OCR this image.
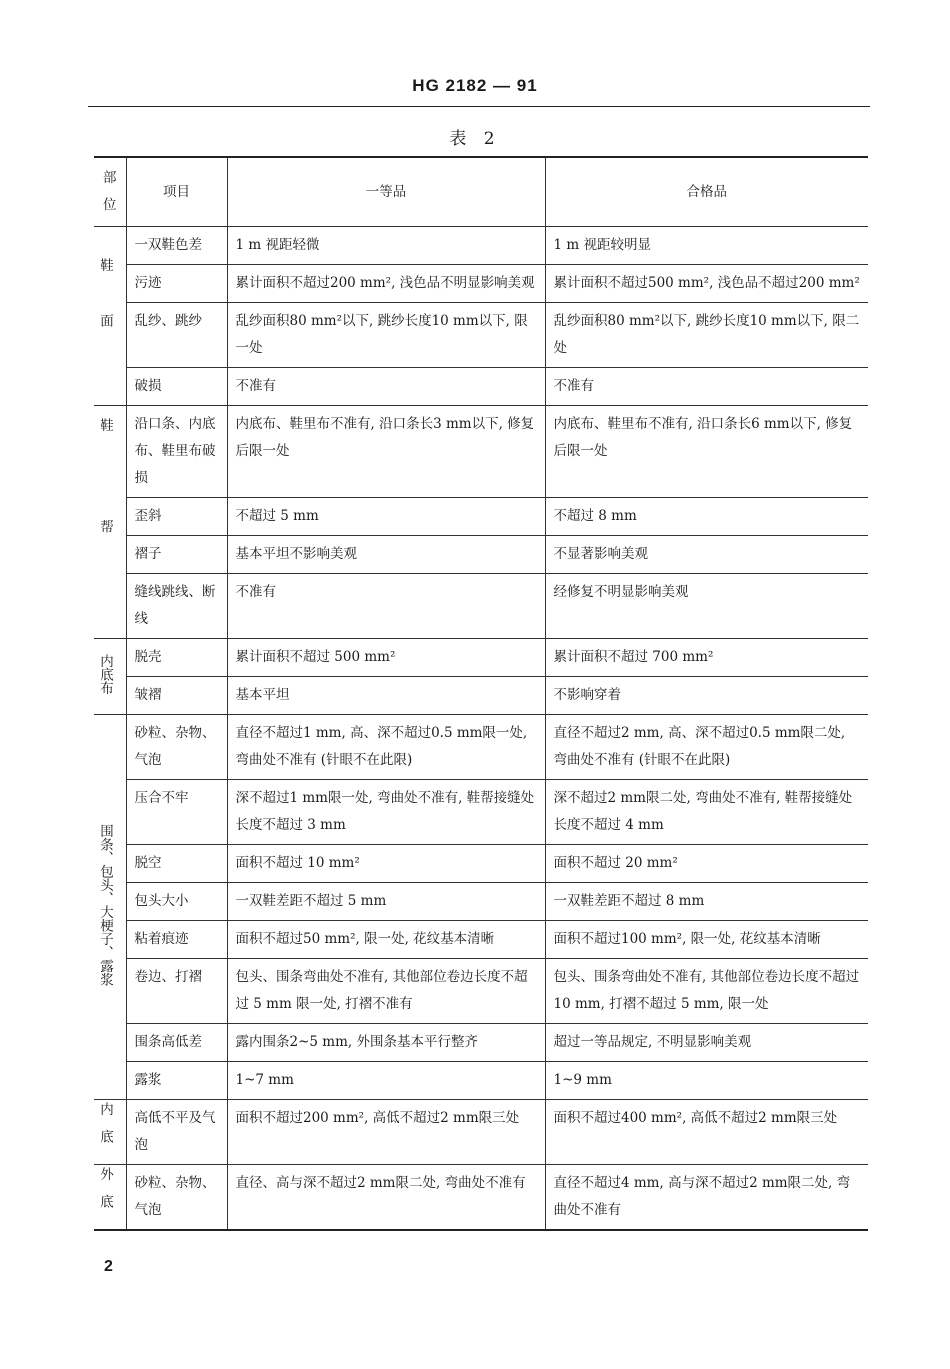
HG 2182 — 91
表 2
部位	项目	一等品	合格品
鞋面	一双鞋色差	1 m 视距轻微	1 m 视距较明显
	污迹	累计面积不超过200 mm², 浅色品不明显影响美观	累计面积不超过500 mm², 浅色品不超过200 mm²
	乱纱、跳纱	乱纱面积80 mm²以下, 跳纱长度10 mm以下, 限一处	乱纱面积80 mm²以下, 跳纱长度10 mm以下, 限二处
	破损	不准有	不准有
鞋帮	沿口条、内底布、鞋里布破损	内底布、鞋里布不准有, 沿口条长3 mm以下, 修复后限一处	内底布、鞋里布不准有, 沿口条长6 mm以下, 修复后限一处
	歪斜	不超过 5 mm	不超过 8 mm
	褶子	基本平坦不影响美观	不显著影响美观
	缝线跳线、断线	不准有	经修复不明显影响美观
内底布	脱壳	累计面积不超过 500 mm²	累计面积不超过 700 mm²
	皱褶	基本平坦	不影响穿着
围条、包头、大梗子、露浆	砂粒、杂物、气泡	直径不超过1 mm, 高、深不超过0.5 mm限一处, 弯曲处不准有 (针眼不在此限)	直径不超过2 mm, 高、深不超过0.5 mm限二处, 弯曲处不准有 (针眼不在此限)
	压合不牢	深不超过1 mm限一处, 弯曲处不准有, 鞋帮接缝处长度不超过 3 mm	深不超过2 mm限二处, 弯曲处不准有, 鞋帮接缝处长度不超过 4 mm
	脱空	面积不超过 10 mm²	面积不超过 20 mm²
	包头大小	一双鞋差距不超过 5 mm	一双鞋差距不超过 8 mm
	粘着痕迹	面积不超过50 mm², 限一处, 花纹基本清晰	面积不超过100 mm², 限一处, 花纹基本清晰
	卷边、打褶	包头、围条弯曲处不准有, 其他部位卷边长度不超过 5 mm 限一处, 打褶不准有	包头、围条弯曲处不准有, 其他部位卷边长度不超过 10 mm, 打褶不超过 5 mm, 限一处
	围条高低差	露内围条2~5 mm, 外围条基本平行整齐	超过一等品规定, 不明显影响美观
	露浆	1~7 mm	1~9 mm
内底	高低不平及气泡	面积不超过200 mm², 高低不超过2 mm限三处	面积不超过400 mm², 高低不超过2 mm限三处
外底	砂粒、杂物、气泡	直径、高与深不超过2 mm限二处, 弯曲处不准有	直径不超过4 mm, 高与深不超过2 mm限二处, 弯曲处不准有
2
